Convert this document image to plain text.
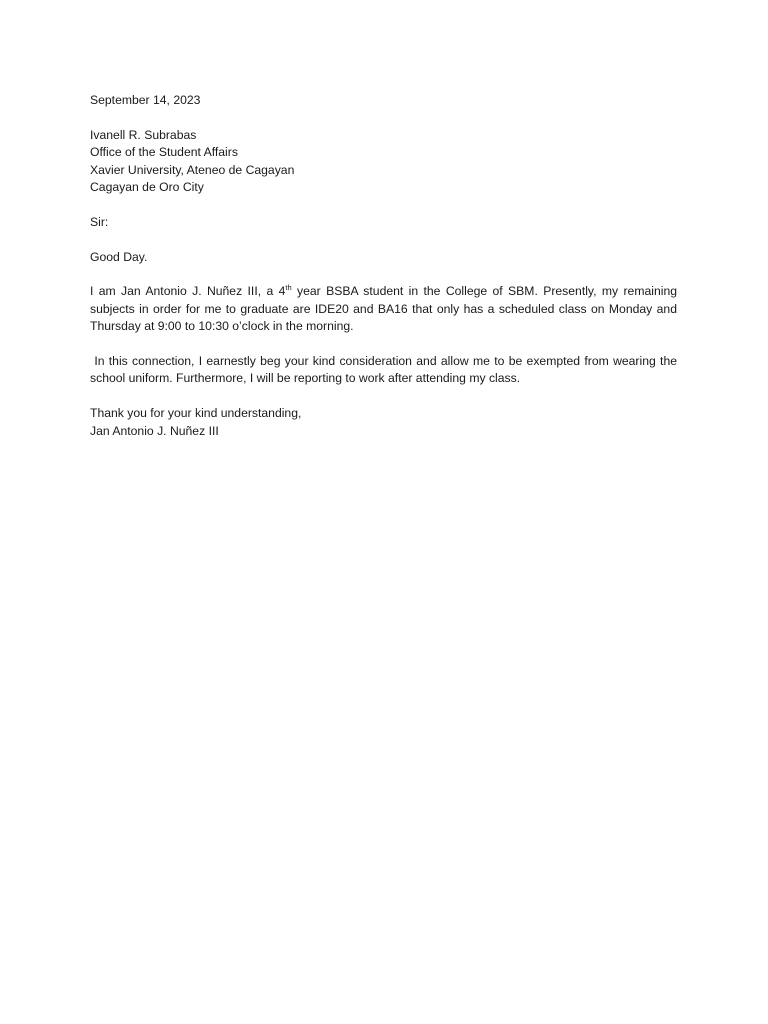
September 14, 2023
Ivanell R. Subrabas
Office of the Student Affairs
Xavier University, Ateneo de Cagayan
Cagayan de Oro City
Sir:
Good Day.

I am Jan Antonio J. Nuñez III, a 4th year BSBA student in the College of SBM. Presently, my remaining subjects in order for me to graduate are IDE20 and BA16 that only has a scheduled class on Monday and Thursday at 9:00 to 10:30 o’clock in the morning.

In this connection, I earnestly beg your kind consideration and allow me to be exempted from wearing the school uniform. Furthermore, I will be reporting to work after attending my class.

Thank you for your kind understanding,
Jan Antonio J. Nuñez III
